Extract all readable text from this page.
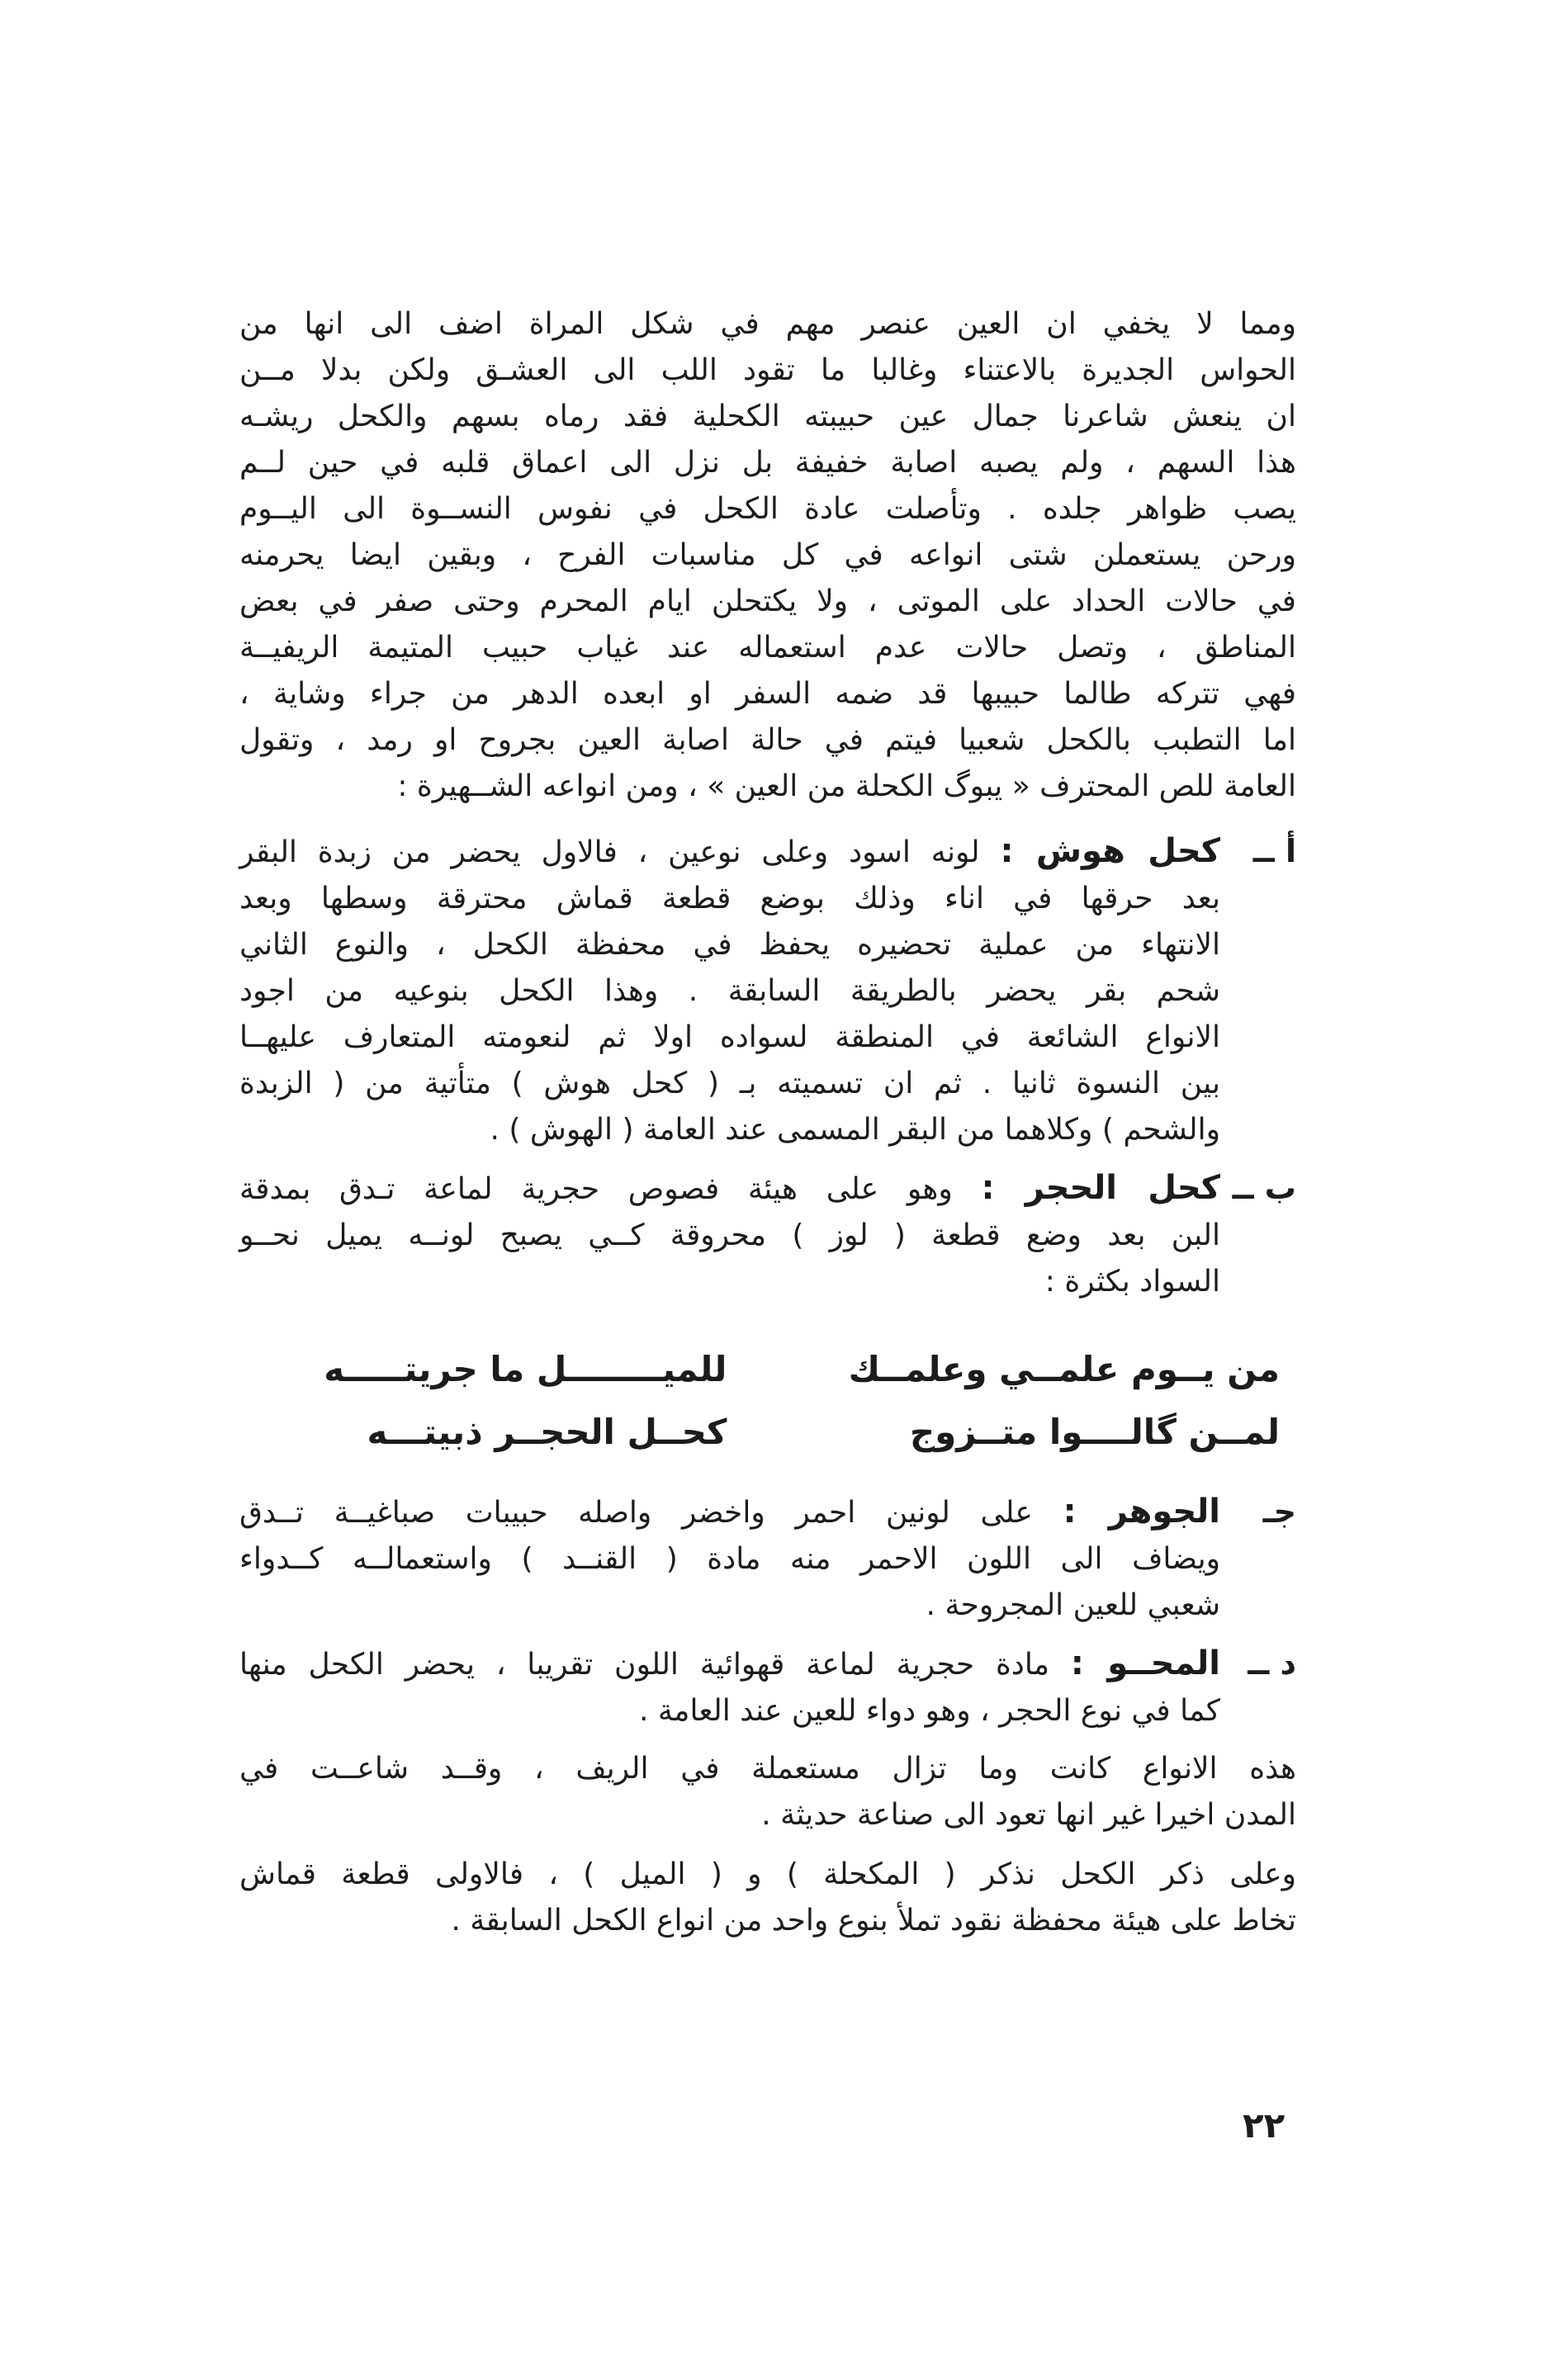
ومما لا يخفي ان العين عنصر مهم في شكل المراة اضف الى انها من
الحواس الجديرة بالاعتناء وغالبا ما تقود اللب الى العشـق ولكن بدلا مــن
ان ينعش شاعرنا جمال عين حبيبته الكحلية فقد رماه بسهم والكحل ريشـه
هذا السهم ، ولم يصبه اصابة خفيفة بل نزل الى اعماق قلبه في حين لــم
يصب ظواهر جلده . وتأصلت عادة الكحل في نفوس النســوة الى اليــوم
ورحن يستعملن شتى انواعه في كل مناسبات الفرح ، وبقين ايضا يحرمنه
في حالات الحداد على الموتى ، ولا يكتحلن ايام المحرم وحتى صفر في بعض
المناطق ، وتصل حالات عدم استعماله عند غياب حبيب المتيمة الريفيــة
فهي تتركه طالما حبيبها قد ضمه السفر او ابعده الدهر من جراء وشاية ،
اما التطبب بالكحل شعبيا فيتم في حالة اصابة العين بجروح او رمد ، وتقول
العامة للص المحترف « يبوگ الكحلة من العين » ، ومن انواعه الشــهيرة :
أ ــ
كحل هوش : لونه اسود وعلى نوعين ، فالاول يحضر من زبدة البقر
بعد حرقها في اناء وذلك بوضع قطعة قماش محترقة وسطها وبعد
الانتهاء من عملية تحضيره يحفظ في محفظة الكحل ، والنوع الثاني
شحم بقر يحضر بالطريقة السابقة . وهذا الكحل بنوعيه من اجود
الانواع الشائعة في المنطقة لسواده اولا ثم لنعومته المتعارف عليهــا
بين النسوة ثانيا . ثم ان تسميته بـ ( كحل هوش ) متأتية من ( الزبدة
والشحم ) وكلاهما من البقر المسمى عند العامة ( الهوش ) .
ب ــ
كحل الحجر : وهو على هيئة فصوص حجرية لماعة تـدق بمدقة
البن بعد وضع قطعة ( لوز ) محروقة كــي يصبح لونــه يميل نحــو
السواد بكثرة :
من يــوم علمــي وعلمــك
للميــــــــل ما جريتـــــه
لمــن گالــــوا متــزوج
كحــل الحجــر ذبيتـــه
جـ
الجوهر : على لونين احمر واخضر واصله حبيبات صباغيــة تــدق
ويضاف الى اللون الاحمر منه مادة ( القنــد ) واستعمالــه كــدواء
شعبي للعين المجروحة .
د ــ
المحــو : مادة حجرية لماعة قهوائية اللون تقريبا ، يحضر الكحل منها
كما في نوع الحجر ، وهو دواء للعين عند العامة .
هذه الانواع كانت وما تزال مستعملة في الريف ، وقــد شاعــت في
المدن اخيرا غير انها تعود الى صناعة حديثة .
وعلى ذكر الكحل نذكر ( المكحلة ) و ( الميل ) ، فالاولى قطعة قماش
تخاط على هيئة محفظة نقود تملأ بنوع واحد من انواع الكحل السابقة .
٢٢
